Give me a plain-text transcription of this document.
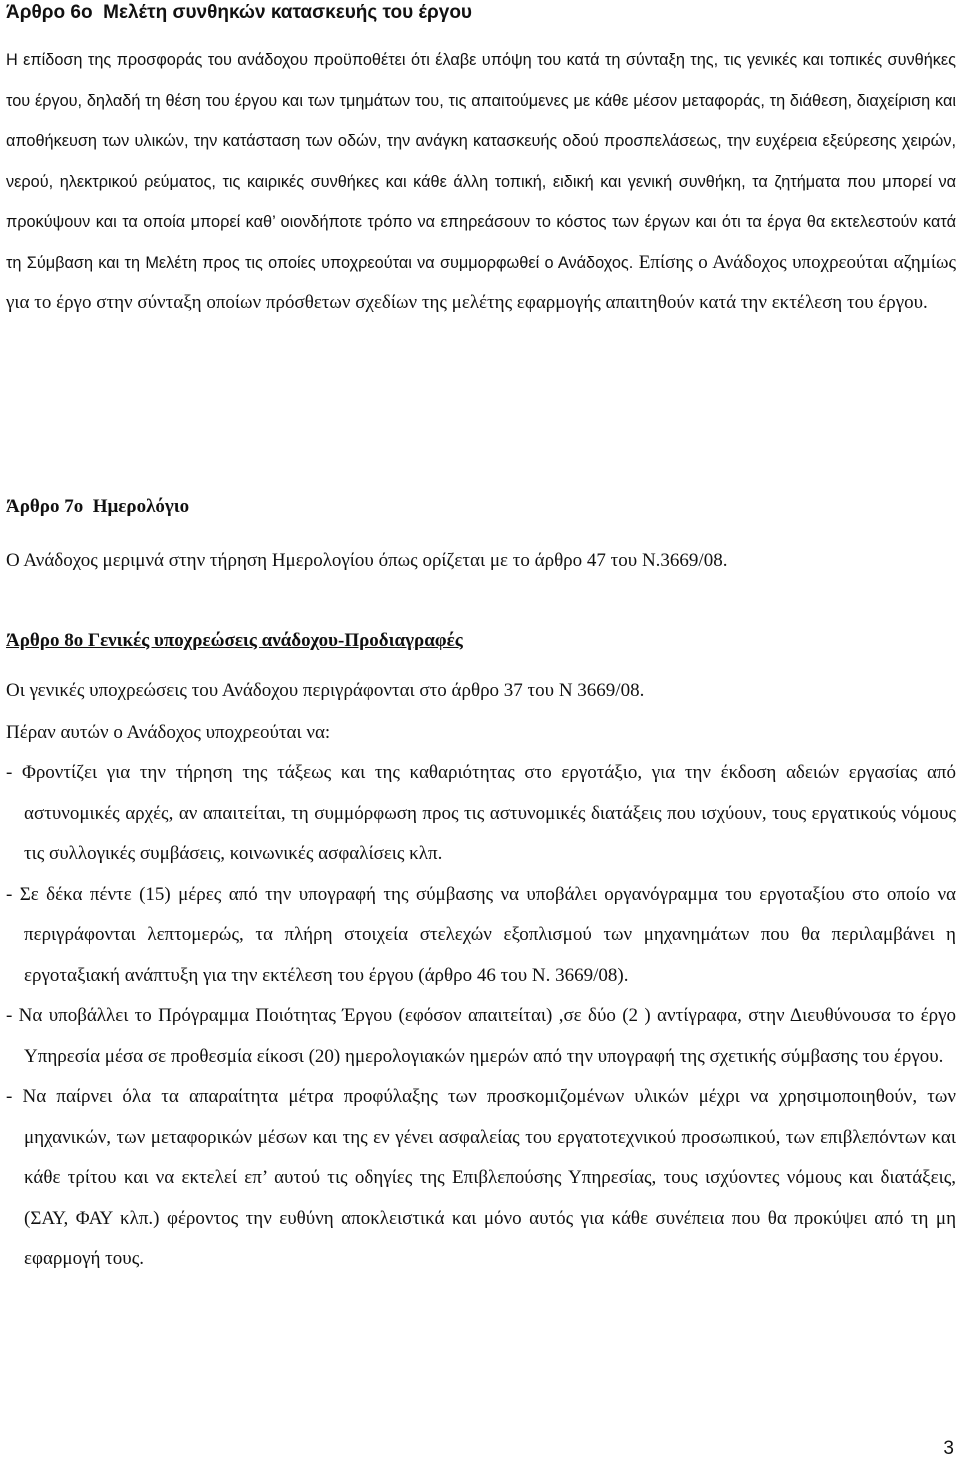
Άρθρο 6ο Μελέτη συνθηκών κατασκευής του έργου

Η επίδοση της προσφοράς του ανάδοχου προϋποθέτει ότι έλαβε υπόψη του κατά τη σύνταξη της, τις γενικές και τοπικές συνθήκες του έργου, δηλαδή τη θέση του έργου και των τμημάτων του, τις απαιτούμενες με κάθε μέσον μεταφοράς, τη διάθεση, διαχείριση και αποθήκευση των υλικών, την κατάσταση των οδών, την ανάγκη κατασκευής οδού προσπελάσεως, την ευχέρεια εξεύρεσης χειρών, νερού, ηλεκτρικού ρεύματος, τις καιρικές συνθήκες και κάθε άλλη τοπική, ειδική και γενική συνθήκη, τα ζητήματα που μπορεί να προκύψουν και τα οποία μπορεί καθ’ οιονδήποτε τρόπο να επηρεάσουν το κόστος των έργων και ότι τα έργα θα εκτελεστούν κατά τη Σύμβαση και τη Μελέτη προς τις οποίες υποχρεούται να συμμορφωθεί ο Ανάδοχος. Επίσης ο Ανάδοχος υποχρεούται αζημίως για το έργο στην σύνταξη οποίων πρόσθετων σχεδίων της μελέτης εφαρμογής απαιτηθούν κατά την εκτέλεση του έργου.

Άρθρο 7ο Ημερολόγιο

Ο Ανάδοχος μεριμνά στην τήρηση Ημερολογίου όπως ορίζεται με το άρθρο 47 του Ν.3669/08.

Άρθρο 8ο Γενικές υποχρεώσεις ανάδοχου-Προδιαγραφές

Οι γενικές υποχρεώσεις του Ανάδοχου περιγράφονται στο άρθρο 37 του Ν 3669/08.

Πέραν αυτών ο Ανάδοχος υποχρεούται να:

- Φροντίζει για την τήρηση της τάξεως και της καθαριότητας στο εργοτάξιο, για την έκδοση αδειών εργασίας από αστυνομικές αρχές, αν απαιτείται, τη συμμόρφωση προς τις αστυνομικές διατάξεις που ισχύουν, τους εργατικούς νόμους τις συλλογικές συμβάσεις, κοινωνικές ασφαλίσεις κλπ.

- Σε δέκα πέντε (15) μέρες από την υπογραφή της σύμβασης να υποβάλει οργανόγραμμα του εργοταξίου στο οποίο να περιγράφονται λεπτομερώς, τα πλήρη στοιχεία στελεχών εξοπλισμού των μηχανημάτων που θα περιλαμβάνει η εργοταξιακή ανάπτυξη για την εκτέλεση του έργου (άρθρο 46 του Ν. 3669/08).

- Να υποβάλλει το Πρόγραμμα Ποιότητας Έργου (εφόσον απαιτείται) ,σε δύο (2 ) αντίγραφα, στην Διευθύνουσα το έργο Υπηρεσία μέσα σε προθεσμία είκοσι (20) ημερολογιακών ημερών από την υπογραφή της σχετικής σύμβασης του έργου.

- Να παίρνει όλα τα απαραίτητα μέτρα προφύλαξης των προσκομιζομένων υλικών μέχρι να χρησιμοποιηθούν, των μηχανικών, των μεταφορικών μέσων και της εν γένει ασφαλείας του εργατοτεχνικού προσωπικού, των επιβλεπόντων και κάθε τρίτου και να εκτελεί επ’ αυτού τις οδηγίες της Επιβλεπούσης Υπηρεσίας, τους ισχύοντες νόμους και διατάξεις, (ΣΑΥ, ΦΑΥ κλπ.) φέροντος την ευθύνη αποκλειστικά και μόνο αυτός για κάθε συνέπεια που θα προκύψει από τη μη εφαρμογή τους.

3
